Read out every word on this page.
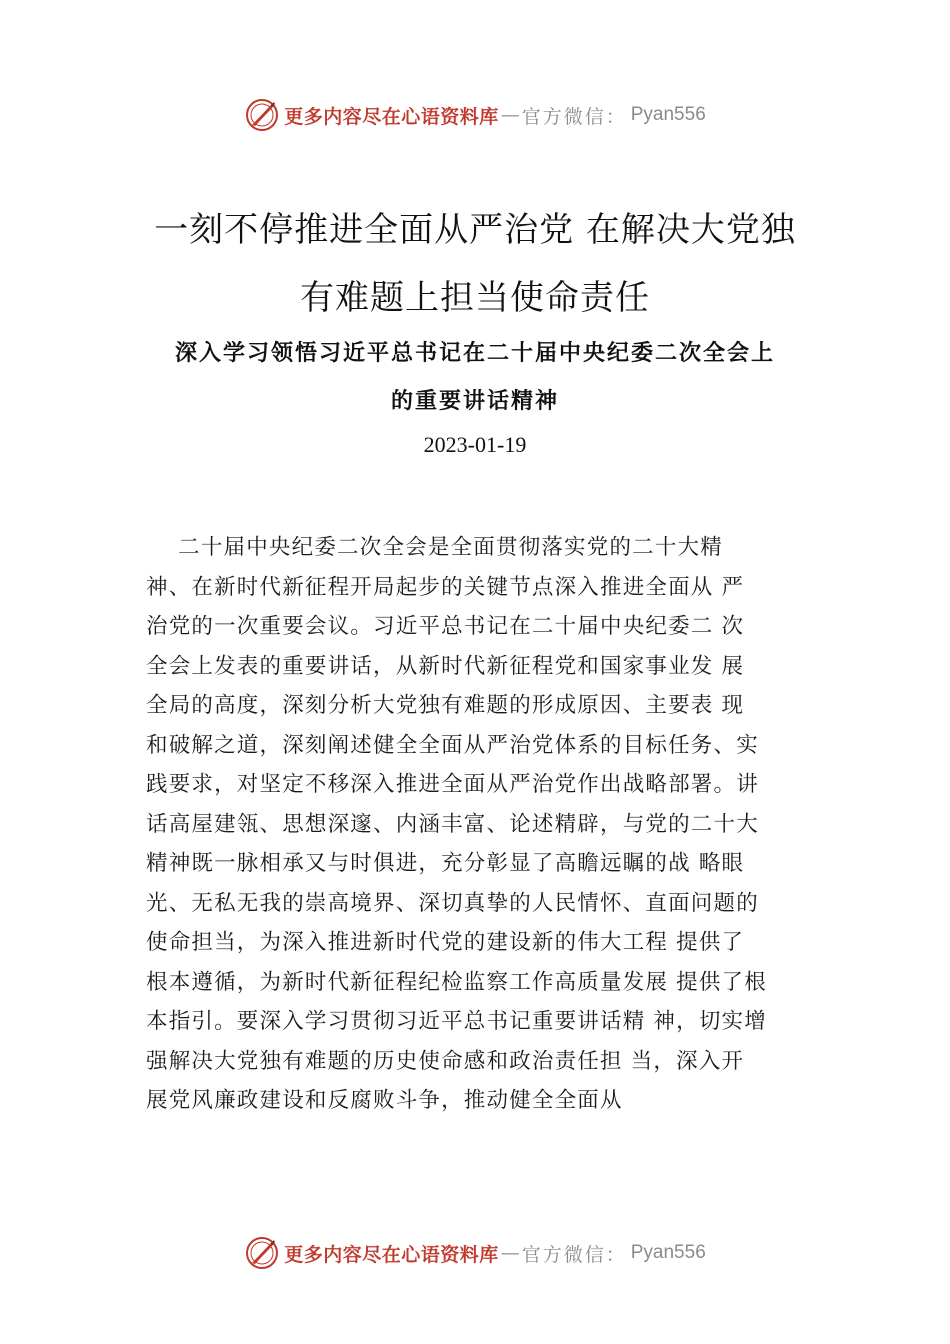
更多内容尽在心语资料库 — 官方微信： Pyan556
一刻不停推进全面从严治党 在解决大党独
有难题上担当使命责任
深入学习领悟习近平总书记在二十届中央纪委二次全会上
的重要讲话精神
2023-01-19
二十届中央纪委二次全会是全面贯彻落实党的二十大精
神、在新时代新征程开局起步的关键节点深入推进全面从 严
治党的一次重要会议。习近平总书记在二十届中央纪委二 次
全会上发表的重要讲话，从新时代新征程党和国家事业发 展
全局的高度，深刻分析大党独有难题的形成原因、主要表 现
和破解之道，深刻阐述健全全面从严治党体系的目标任务、实
践要求，对坚定不移深入推进全面从严治党作出战略部署。讲
话高屋建瓴、思想深邃、内涵丰富、论述精辟，与党的二十大
精神既一脉相承又与时俱进，充分彰显了高瞻远瞩的战 略眼
光、无私无我的崇高境界、深切真挚的人民情怀、直面问题的
使命担当，为深入推进新时代党的建设新的伟大工程 提供了
根本遵循，为新时代新征程纪检监察工作高质量发展 提供了根
本指引。要深入学习贯彻习近平总书记重要讲话精 神，切实增
强解决大党独有难题的历史使命感和政治责任担 当，深入开
展党风廉政建设和反腐败斗争，推动健全全面从
更多内容尽在心语资料库 — 官方微信： Pyan556
